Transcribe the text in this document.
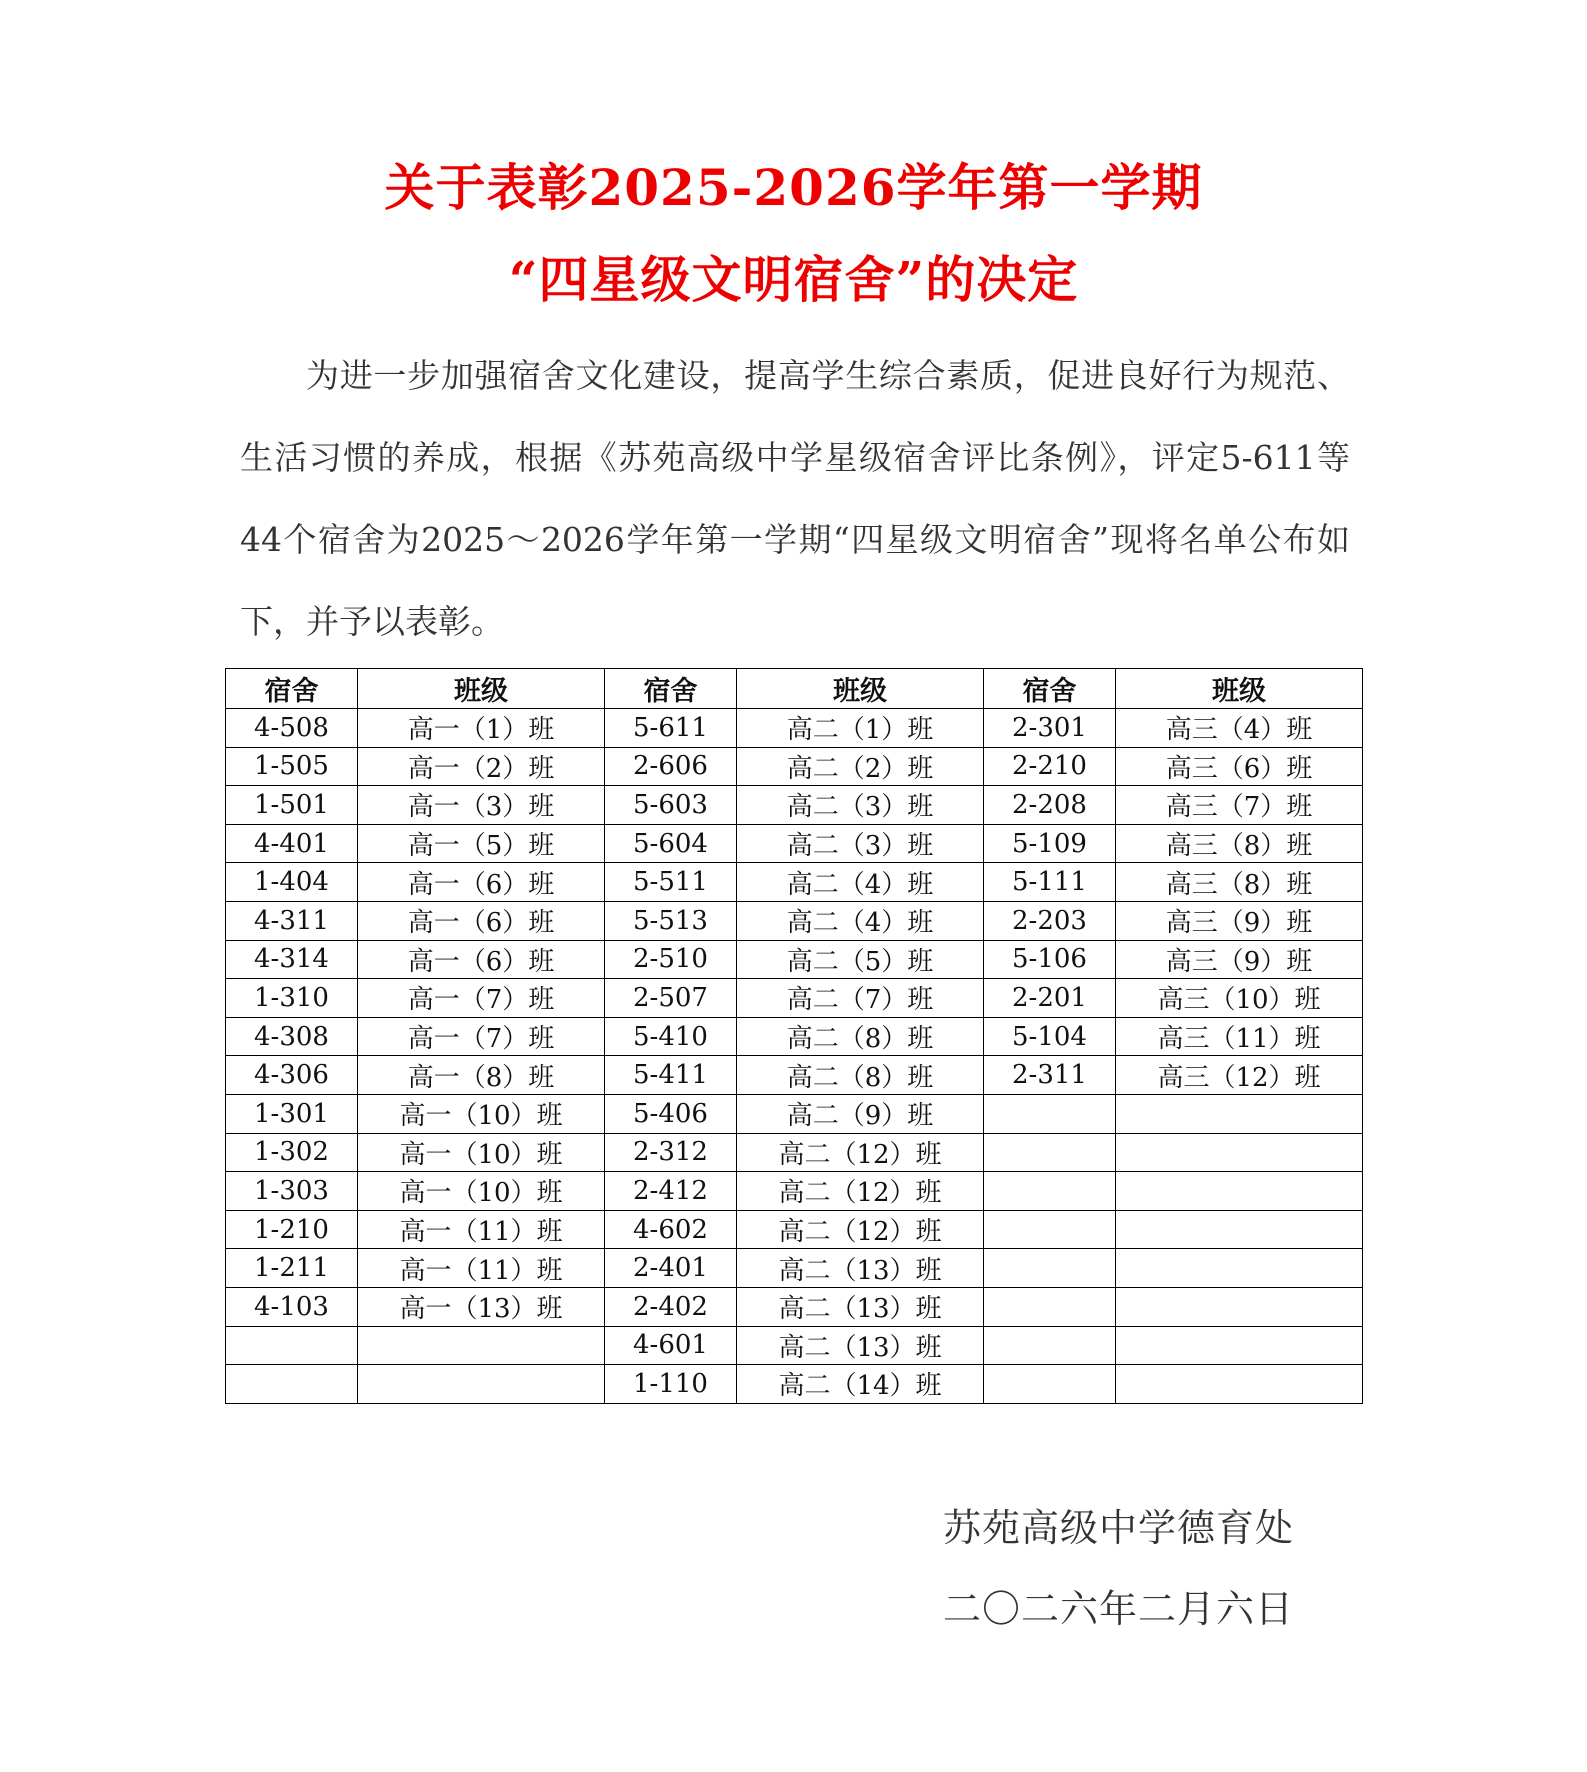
关于表彰2025-2026学年第一学期
“四星级文明宿舍”的决定
为进一步加强宿舍文化建设，提高学生综合素质，促进良好行为规范、生活习惯的养成，根据《苏苑高级中学星级宿舍评比条例》，评定5-611等44个宿舍为2025～2026学年第一学期“四星级文明宿舍”现将名单公布如下，并予以表彰。
宿舍	班级	宿舍	班级	宿舍	班级
4-508	高一（1）班	5-611	高二（1）班	2-301	高三（4）班
1-505	高一（2）班	2-606	高二（2）班	2-210	高三（6）班
1-501	高一（3）班	5-603	高二（3）班	2-208	高三（7）班
4-401	高一（5）班	5-604	高二（3）班	5-109	高三（8）班
1-404	高一（6）班	5-511	高二（4）班	5-111	高三（8）班
4-311	高一（6）班	5-513	高二（4）班	2-203	高三（9）班
4-314	高一（6）班	2-510	高二（5）班	5-106	高三（9）班
1-310	高一（7）班	2-507	高二（7）班	2-201	高三（10）班
4-308	高一（7）班	5-410	高二（8）班	5-104	高三（11）班
4-306	高一（8）班	5-411	高二（8）班	2-311	高三（12）班
1-301	高一（10）班	5-406	高二（9）班		
1-302	高一（10）班	2-312	高二（12）班		
1-303	高一（10）班	2-412	高二（12）班		
1-210	高一（11）班	4-602	高二（12）班		
1-211	高一（11）班	2-401	高二（13）班		
4-103	高一（13）班	2-402	高二（13）班		
		4-601	高二（13）班		
		1-110	高二（14）班		
苏苑高级中学德育处
二〇二六年二月六日
